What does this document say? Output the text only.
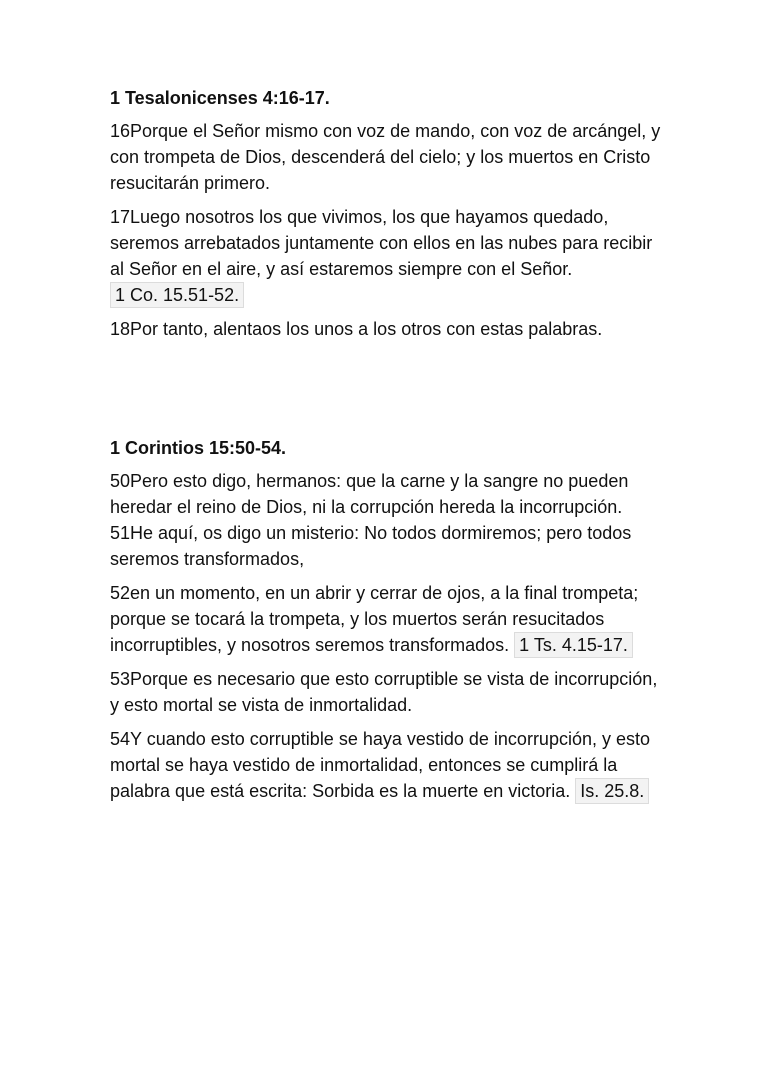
1 Tesalonicenses 4:16-17.

16Porque el Señor mismo con voz de mando, con voz de arcángel, y con trompeta de Dios, descenderá del cielo; y los muertos en Cristo resucitarán primero.

17Luego nosotros los que vivimos, los que hayamos quedado, seremos arrebatados juntamente con ellos en las nubes para recibir al Señor en el aire, y así estaremos siempre con el Señor. 1 Co. 15.51-52.

18Por tanto, alentaos los unos a los otros con estas palabras.

1 Corintios 15:50-54.

50Pero esto digo, hermanos: que la carne y la sangre no pueden heredar el reino de Dios, ni la corrupción hereda la incorrupción.

51He aquí, os digo un misterio: No todos dormiremos; pero todos seremos transformados,

52en un momento, en un abrir y cerrar de ojos, a la final trompeta; porque se tocará la trompeta, y los muertos serán resucitados incorruptibles, y nosotros seremos transformados. 1 Ts. 4.15-17.

53Porque es necesario que esto corruptible se vista de incorrupción, y esto mortal se vista de inmortalidad.

54Y cuando esto corruptible se haya vestido de incorrupción, y esto mortal se haya vestido de inmortalidad, entonces se cumplirá la palabra que está escrita: Sorbida es la muerte en victoria. Is. 25.8.
